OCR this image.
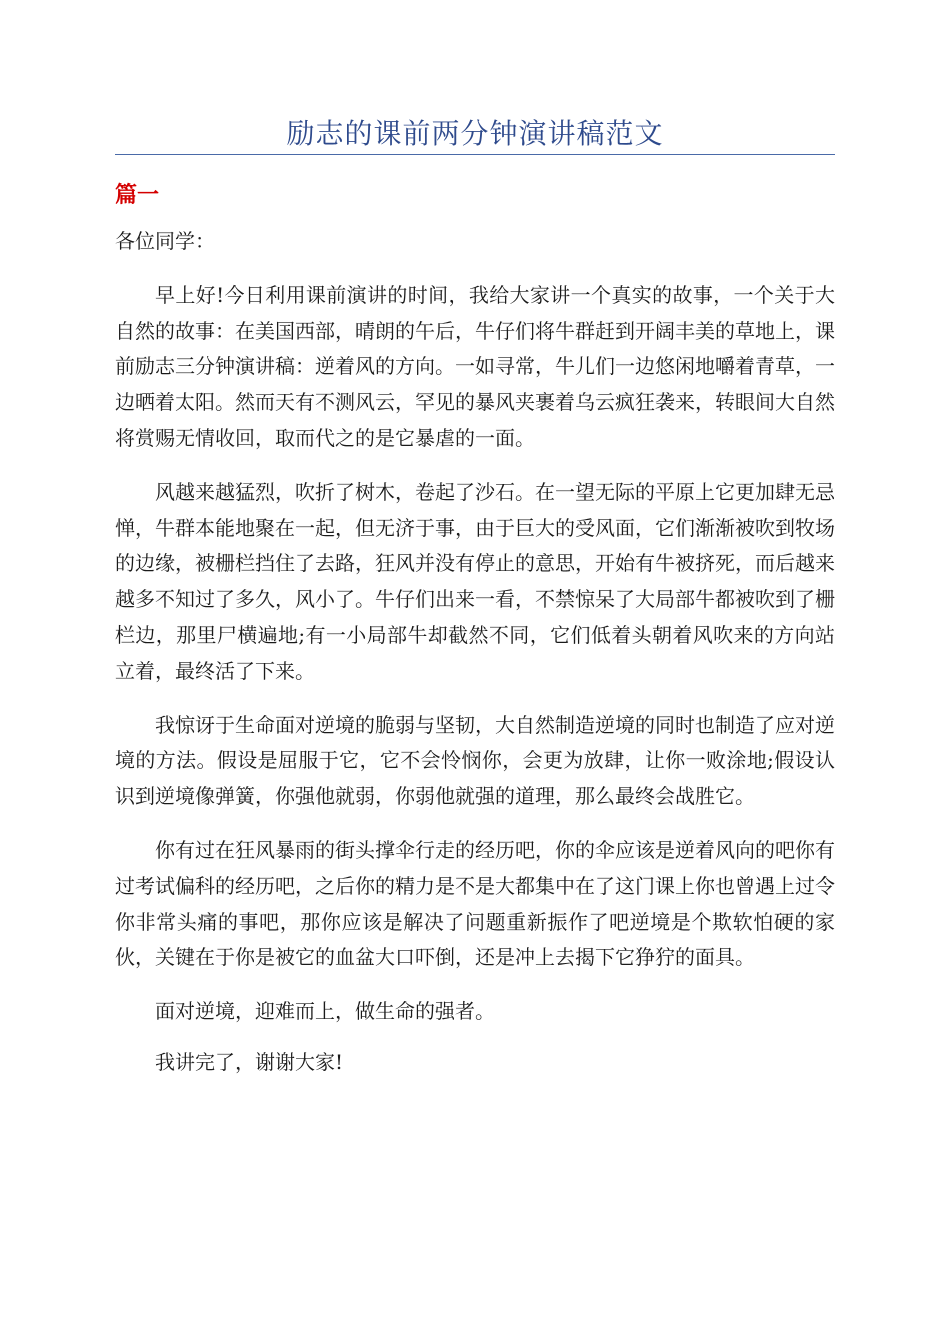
励志的课前两分钟演讲稿范文
篇一

各位同学：

早上好!今日利用课前演讲的时间，我给大家讲一个真实的故事，一个关于大自然的故事：在美国西部，晴朗的午后，牛仔们将牛群赶到开阔丰美的草地上，课前励志三分钟演讲稿：逆着风的方向。一如寻常，牛儿们一边悠闲地嚼着青草，一边晒着太阳。然而天有不测风云，罕见的暴风夹裹着乌云疯狂袭来，转眼间大自然将赏赐无情收回，取而代之的是它暴虐的一面。

风越来越猛烈，吹折了树木，卷起了沙石。在一望无际的平原上它更加肆无忌惮，牛群本能地聚在一起，但无济于事，由于巨大的受风面，它们渐渐被吹到牧场的边缘，被栅栏挡住了去路，狂风并没有停止的意思，开始有牛被挤死，而后越来越多不知过了多久，风小了。牛仔们出来一看，不禁惊呆了大局部牛都被吹到了栅栏边，那里尸横遍地;有一小局部牛却截然不同，它们低着头朝着风吹来的方向站立着，最终活了下来。

我惊讶于生命面对逆境的脆弱与坚韧，大自然制造逆境的同时也制造了应对逆境的方法。假设是屈服于它，它不会怜悯你，会更为放肆，让你一败涂地;假设认识到逆境像弹簧，你强他就弱，你弱他就强的道理，那么最终会战胜它。

你有过在狂风暴雨的街头撑伞行走的经历吧，你的伞应该是逆着风向的吧你有过考试偏科的经历吧，之后你的精力是不是大都集中在了这门课上你也曾遇上过令你非常头痛的事吧，那你应该是解决了问题重新振作了吧逆境是个欺软怕硬的家伙，关键在于你是被它的血盆大口吓倒，还是冲上去揭下它狰狞的面具。

面对逆境，迎难而上，做生命的强者。

我讲完了，谢谢大家!
